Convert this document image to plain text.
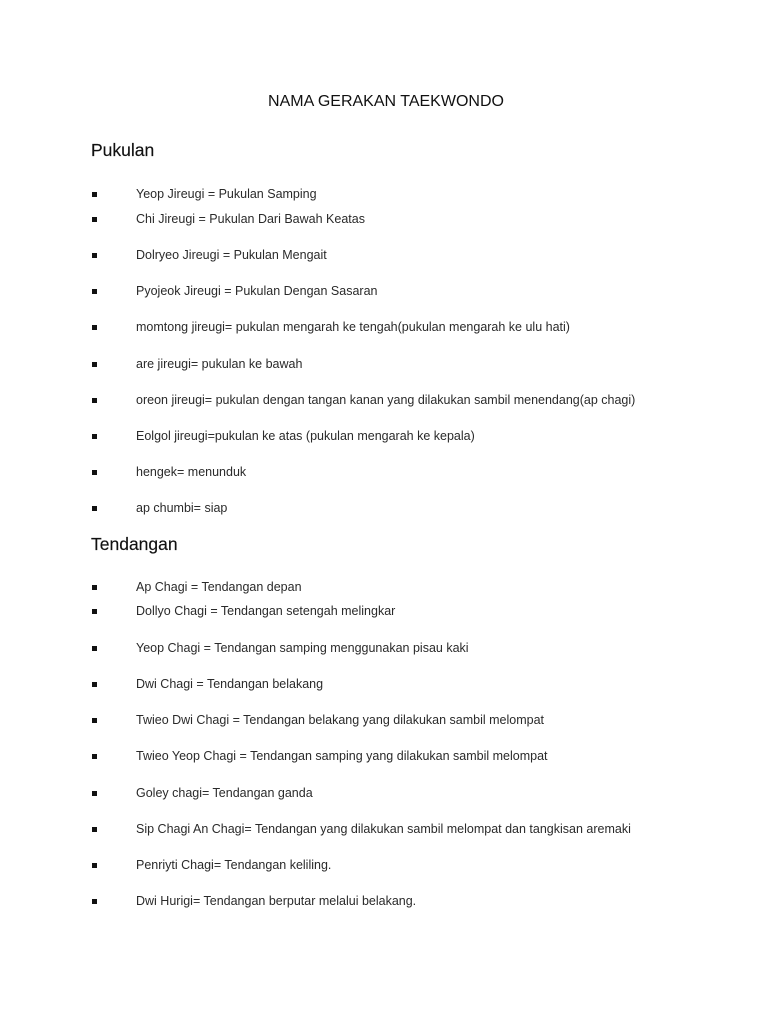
NAMA GERAKAN TAEKWONDO
Pukulan
Yeop Jireugi = Pukulan Samping
Chi Jireugi = Pukulan Dari Bawah Keatas
Dolryeo Jireugi = Pukulan Mengait
Pyojeok Jireugi = Pukulan Dengan Sasaran
momtong jireugi= pukulan mengarah ke tengah(pukulan mengarah ke ulu hati)
are jireugi= pukulan ke bawah
oreon jireugi= pukulan dengan tangan kanan yang dilakukan sambil menendang(ap chagi)
Eolgol jireugi=pukulan ke atas (pukulan mengarah ke kepala)
hengek= menunduk
ap chumbi= siap
Tendangan
Ap Chagi = Tendangan depan
Dollyo Chagi = Tendangan setengah melingkar
Yeop Chagi = Tendangan samping menggunakan pisau kaki
Dwi Chagi = Tendangan belakang
Twieo Dwi Chagi = Tendangan belakang yang dilakukan sambil melompat
Twieo Yeop Chagi = Tendangan samping yang dilakukan sambil melompat
Goley chagi= Tendangan ganda
Sip Chagi An Chagi= Tendangan yang dilakukan sambil melompat dan tangkisan aremaki
Penriyti Chagi= Tendangan keliling.
Dwi Hurigi= Tendangan berputar melalui belakang.
